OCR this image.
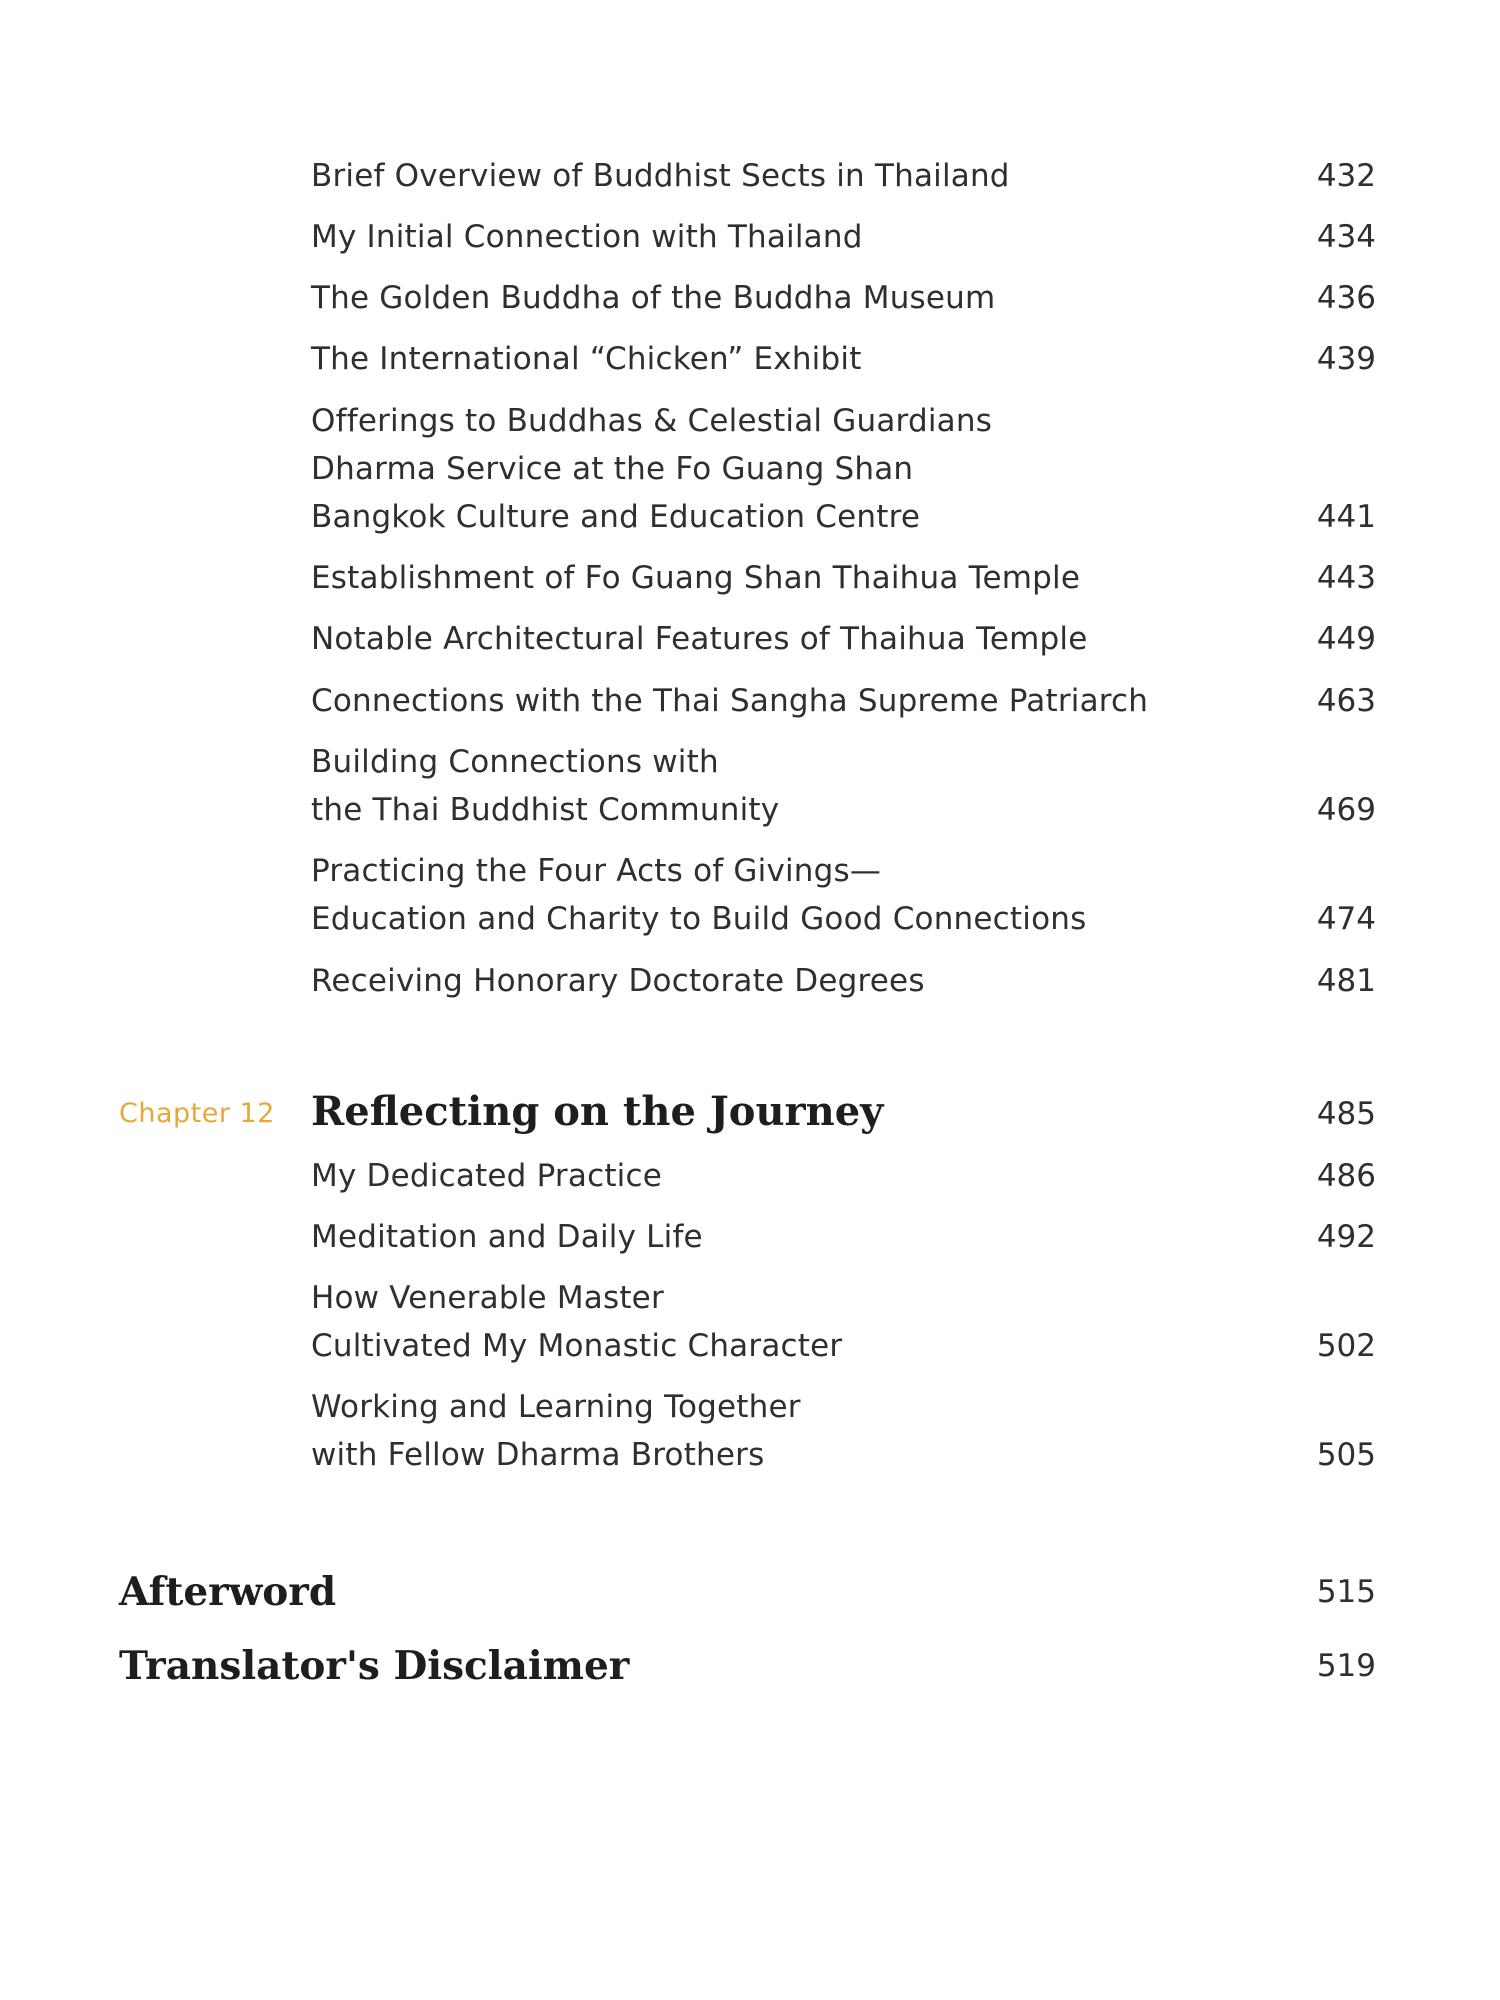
Brief Overview of Buddhist Sects in Thailand	432
My Initial Connection with Thailand	434
The Golden Buddha of the Buddha Museum	436
The International “Chicken” Exhibit	439
Offerings to Buddhas & Celestial Guardians
Dharma Service at the Fo Guang Shan
Bangkok Culture and Education Centre	441
Establishment of Fo Guang Shan Thaihua Temple	443
Notable Architectural Features of Thaihua Temple	449
Connections with the Thai Sangha Supreme Patriarch	463
Building Connections with
the Thai Buddhist Community	469
Practicing the Four Acts of Givings—
Education and Charity to Build Good Connections	474
Receiving Honorary Doctorate Degrees	481
Chapter 12 Reflecting on the Journey	485
My Dedicated Practice	486
Meditation and Daily Life	492
How Venerable Master
Cultivated My Monastic Character	502
Working and Learning Together
with Fellow Dharma Brothers	505
Afterword	515
Translator's Disclaimer	519
